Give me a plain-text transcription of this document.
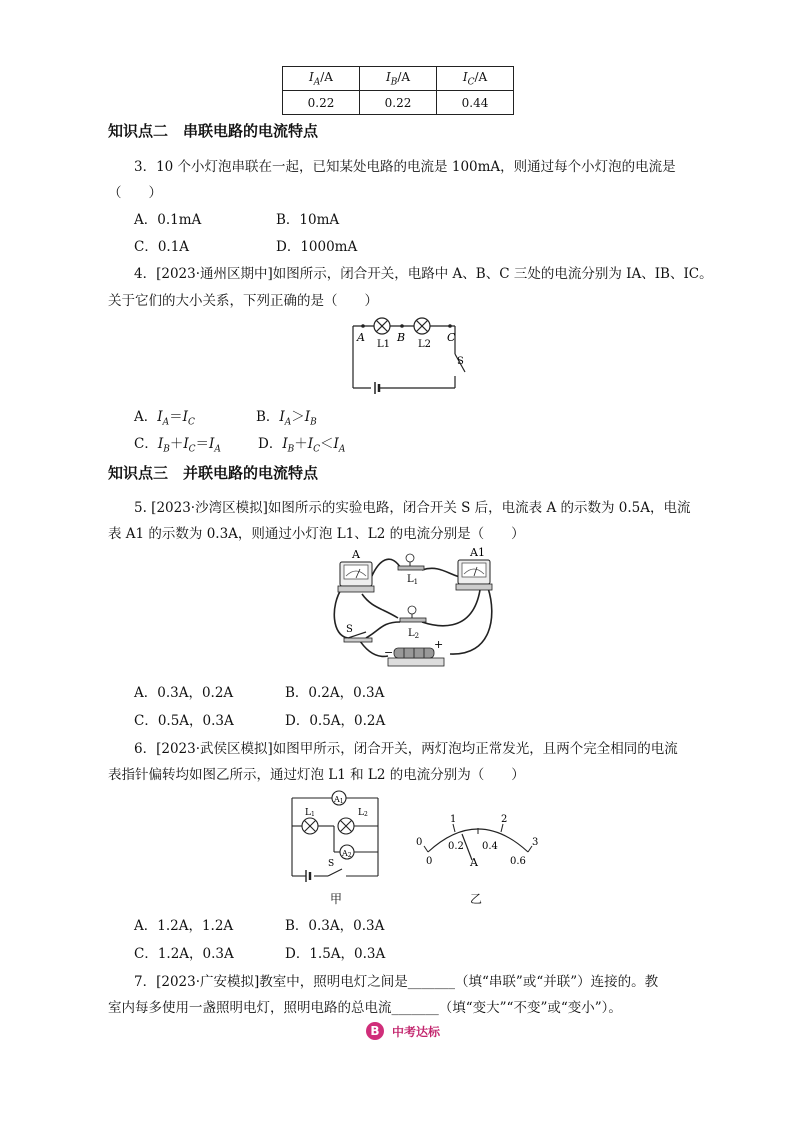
$I_A/A$	$I_B/A$	$I_C/A$
0.22	0.22	0.44
知识点二　串联电路的电流特点
3．10 个小灯泡串联在一起，已知某处电路的电流是 100mA，则通过每个小灯泡的电流是
（　　）
A．0.1mA	B．10mA
C．0.1A	D．1000mA
4．[2023·通州区期中]如图所示，闭合开关，电路中 A、B、C 三处的电流分别为 IA、IB、IC。
关于它们的大小关系，下列正确的是（　　）
A	B	C
L1	L2
S
A．$I_A=I_C$	B．$I_A>I_B$
C．$I_B+I_C=I_A$	D．$I_B+I_C<I_A$
知识点三　并联电路的电流特点
5. [2023·沙湾区模拟]如图所示的实验电路，闭合开关 S 后，电流表 A 的示数为 0.5A，电流
表 A1 的示数为 0.3A，则通过小灯泡 L1、L2 的电流分别是（　　）
A	A1
$L_1$
$L_2$
S
−
+
A．0.3A，0.2A	B．0.2A，0.3A
C．0.5A，0.3A	D．0.5A，0.2A
6．[2023·武侯区模拟]如图甲所示，闭合开关，两灯泡均正常发光，且两个完全相同的电流
表指针偏转均如图乙所示，通过灯泡 L1 和 L2 的电流分别为（　　）
A1
A2
L1	L2
S
0
1	2
3
0
0.2 0.4
0.6
A
甲	乙
A．1.2A，1.2A	B．0.3A，0.3A
C．1.2A，0.3A	D．1.5A，0.3A
7．[2023·广安模拟]教室中，照明电灯之间是_______（填“串联”或“并联”）连接的。教
室内每多使用一盏照明电灯，照明电路的总电流_______（填“变大”“不变”或“变小”）。
B	中考达标
